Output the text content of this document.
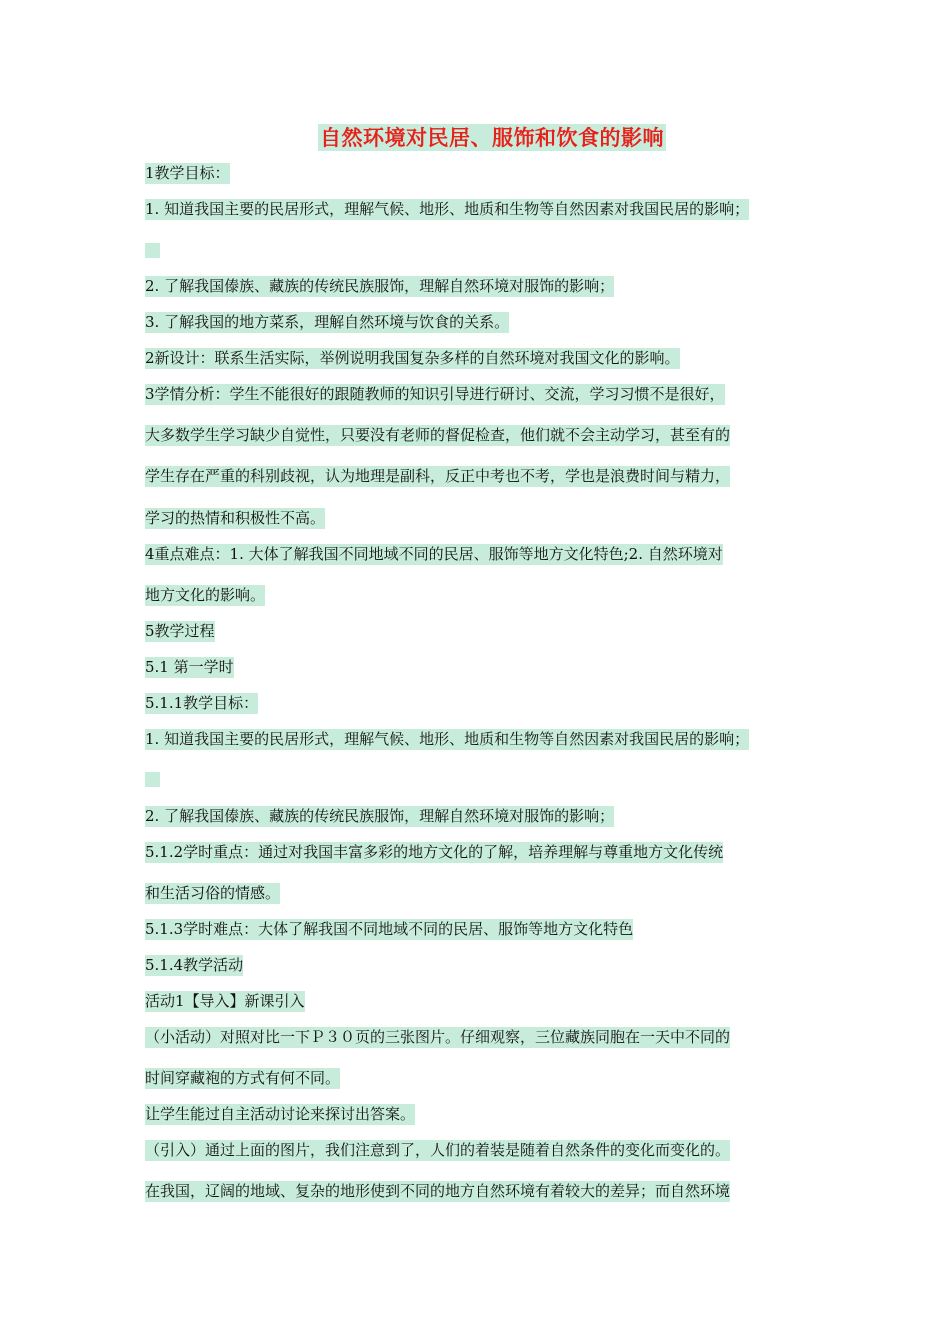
自然环境对民居、服饰和饮食的影响
1教学目标：
1. 知道我国主要的民居形式，理解气候、地形、地质和生物等自然因素对我国民居的影响；
2. 了解我国傣族、藏族的传统民族服饰，理解自然环境对服饰的影响；
3. 了解我国的地方菜系，理解自然环境与饮食的关系。
2新设计：联系生活实际，举例说明我国复杂多样的自然环境对我国文化的影响。
3学情分析：学生不能很好的跟随教师的知识引导进行研讨、交流，学习习惯不是很好，
大多数学生学习缺少自觉性，只要没有老师的督促检查，他们就不会主动学习，甚至有的
学生存在严重的科别歧视，认为地理是副科，反正中考也不考，学也是浪费时间与精力，
学习的热情和积极性不高。
4重点难点：1. 大体了解我国不同地域不同的民居、服饰等地方文化特色;2. 自然环境对
地方文化的影响。
5教学过程
5.1 第一学时
5.1.1教学目标：
1. 知道我国主要的民居形式，理解气候、地形、地质和生物等自然因素对我国民居的影响；
2. 了解我国傣族、藏族的传统民族服饰，理解自然环境对服饰的影响；
5.1.2学时重点：通过对我国丰富多彩的地方文化的了解，培养理解与尊重地方文化传统
和生活习俗的情感。
5.1.3学时难点：大体了解我国不同地域不同的民居、服饰等地方文化特色
5.1.4教学活动
活动1【导入】新课引入
（小活动）对照对比一下Ｐ３０页的三张图片。仔细观察，三位藏族同胞在一天中不同的
时间穿藏袍的方式有何不同。
让学生能过自主活动讨论来探讨出答案。
（引入）通过上面的图片，我们注意到了，人们的着装是随着自然条件的变化而变化的。
在我国，辽阔的地域、复杂的地形使到不同的地方自然环境有着较大的差异；而自然环境
